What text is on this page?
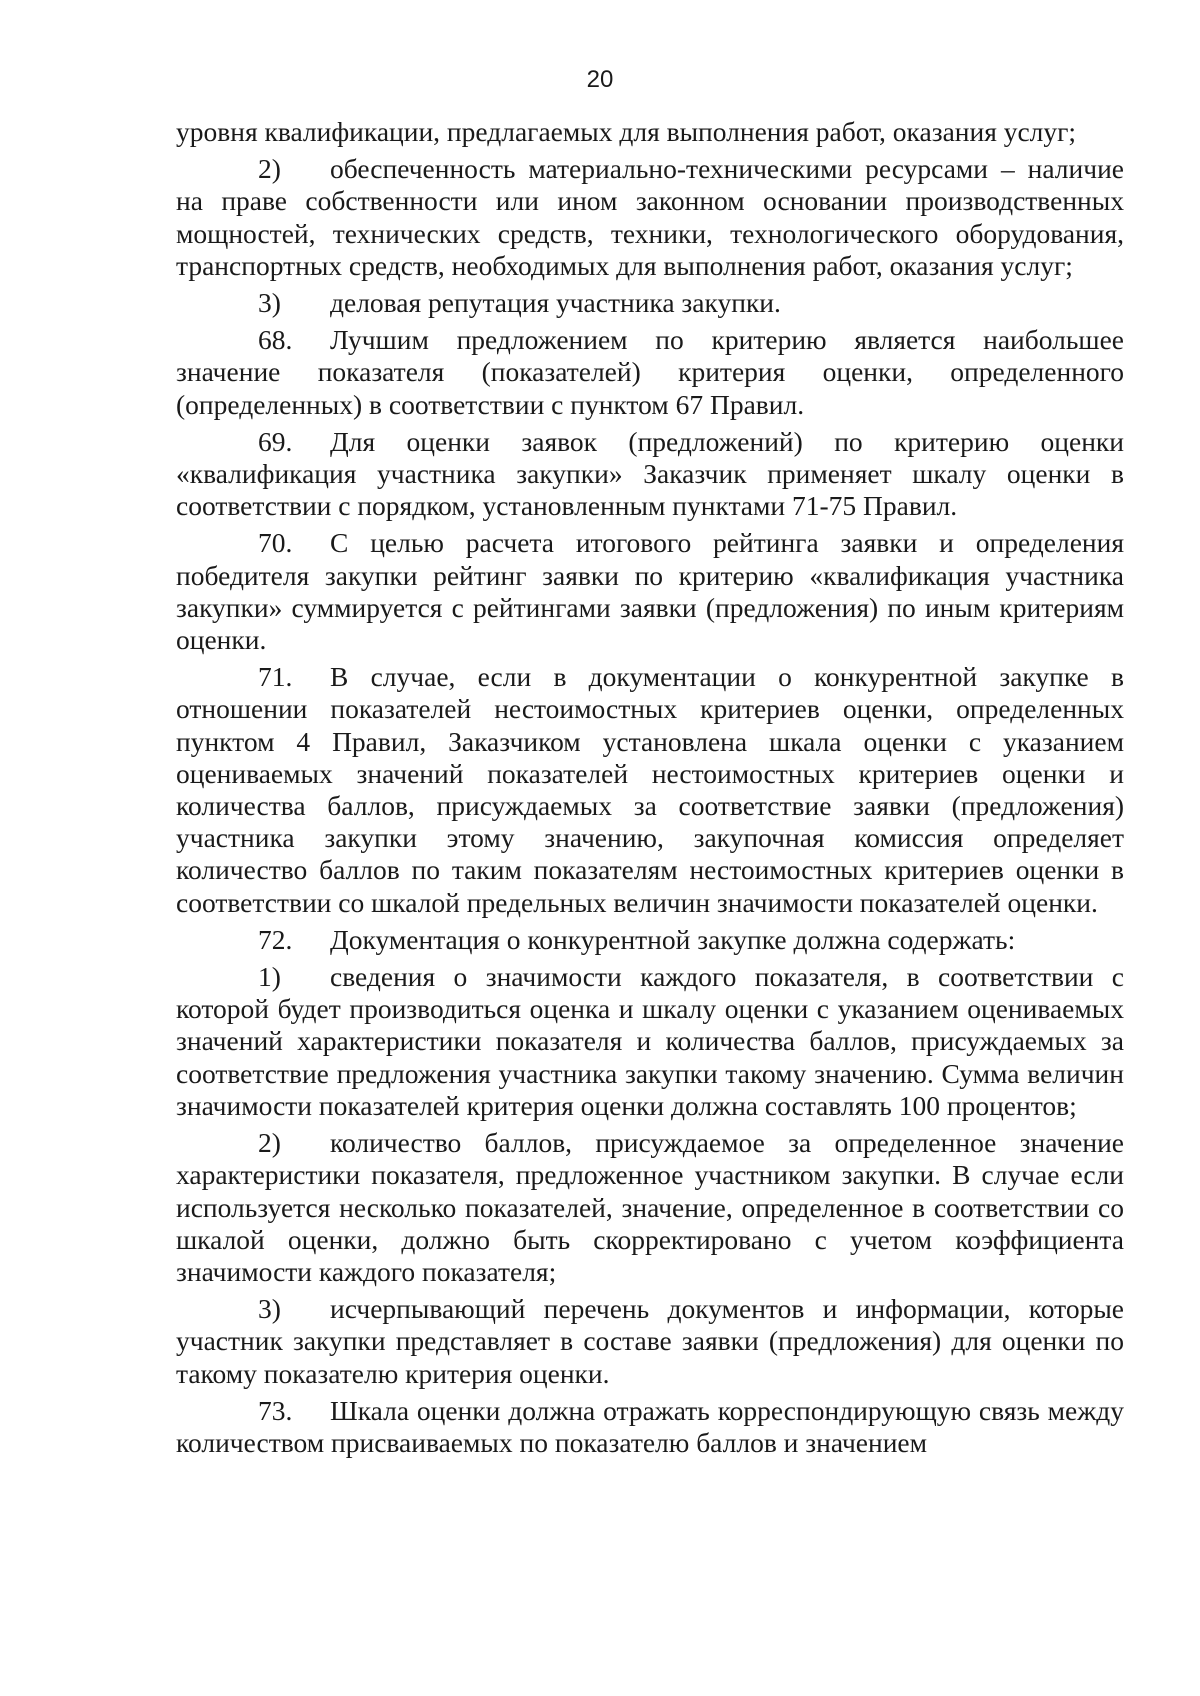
20

уровня квалификации, предлагаемых для выполнения работ, оказания услуг;

2) обеспеченность материально-техническими ресурсами – наличие на праве собственности или ином законном основании производственных мощностей, технических средств, техники, технологического оборудования, транспортных средств, необходимых для выполнения работ, оказания услуг;

3) деловая репутация участника закупки.

68. Лучшим предложением по критерию является наибольшее значение показателя (показателей) критерия оценки, определенного (определенных) в соответствии с пунктом 67 Правил.

69. Для оценки заявок (предложений) по критерию оценки «квалификация участника закупки» Заказчик применяет шкалу оценки в соответствии с порядком, установленным пунктами 71-75 Правил.

70. С целью расчета итогового рейтинга заявки и определения победителя закупки рейтинг заявки по критерию «квалификация участника закупки» суммируется с рейтингами заявки (предложения) по иным критериям оценки.

71. В случае, если в документации о конкурентной закупке в отношении показателей нестоимостных критериев оценки, определенных пунктом 4 Правил, Заказчиком установлена шкала оценки с указанием оцениваемых значений показателей нестоимостных критериев оценки и количества баллов, присуждаемых за соответствие заявки (предложения) участника закупки этому значению, закупочная комиссия определяет количество баллов по таким показателям нестоимостных критериев оценки в соответствии со шкалой предельных величин значимости показателей оценки.

72. Документация о конкурентной закупке должна содержать:

1) сведения о значимости каждого показателя, в соответствии с которой будет производиться оценка и шкалу оценки с указанием оцениваемых значений характеристики показателя и количества баллов, присуждаемых за соответствие предложения участника закупки такому значению. Сумма величин значимости показателей критерия оценки должна составлять 100 процентов;

2) количество баллов, присуждаемое за определенное значение характеристики показателя, предложенное участником закупки. В случае если используется несколько показателей, значение, определенное в соответствии со шкалой оценки, должно быть скорректировано с учетом коэффициента значимости каждого показателя;

3) исчерпывающий перечень документов и информации, которые участник закупки представляет в составе заявки (предложения) для оценки по такому показателю критерия оценки.

73. Шкала оценки должна отражать корреспондирующую связь между количеством присваиваемых по показателю баллов и значением
